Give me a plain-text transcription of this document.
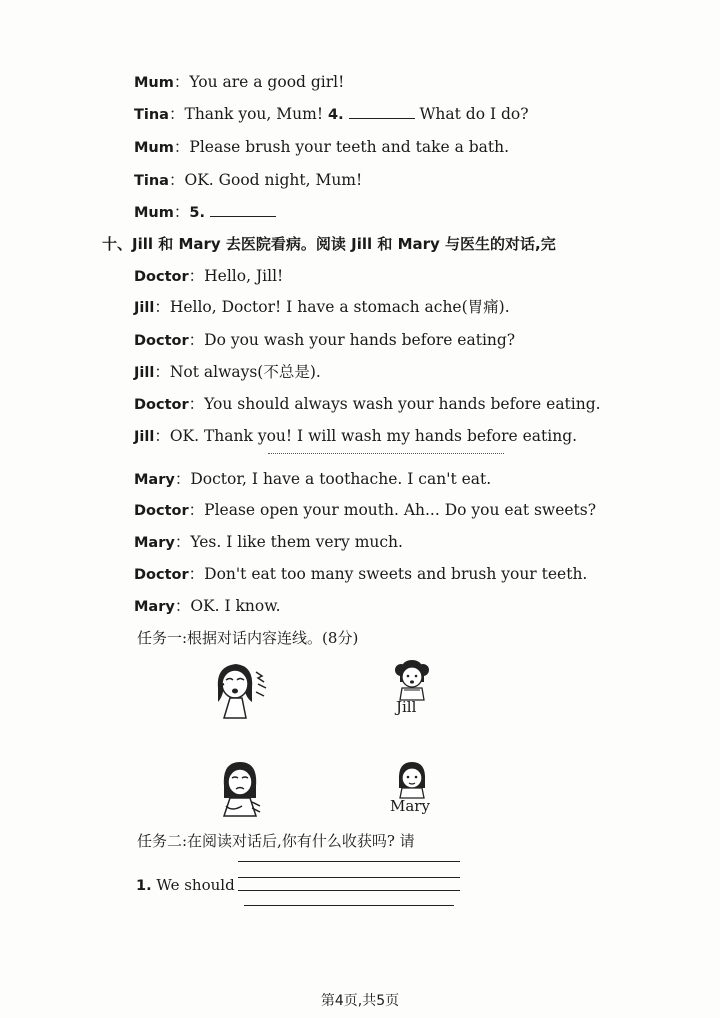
Mum：You are a good girl!
Tina：Thank you, Mum! 4.	What do I do?
Mum：Please brush your teeth and take a bath.
Tina：OK. Good night, Mum!
Mum：5.
十、Jill 和 Mary 去医院看病。阅读 Jill 和 Mary 与医生的对话,完
Doctor：Hello, Jill!
Jill：Hello, Doctor! I have a stomach ache(胃痛).
Doctor：Do you wash your hands before eating?
Jill：Not always(不总是).
Doctor：You should always wash your hands before eating.
Jill：OK. Thank you! I will wash my hands before eating.
Mary：Doctor, I have a toothache. I can't eat.
Doctor：Please open your mouth. Ah... Do you eat sweets?
Mary：Yes. I like them very much.
Doctor：Don't eat too many sweets and brush your teeth.
Mary：OK. I know.
任务一:根据对话内容连线。(8分)
Jill
Mary
任务二:在阅读对话后,你有什么收获吗? 请
1. We should
第4页,共5页
